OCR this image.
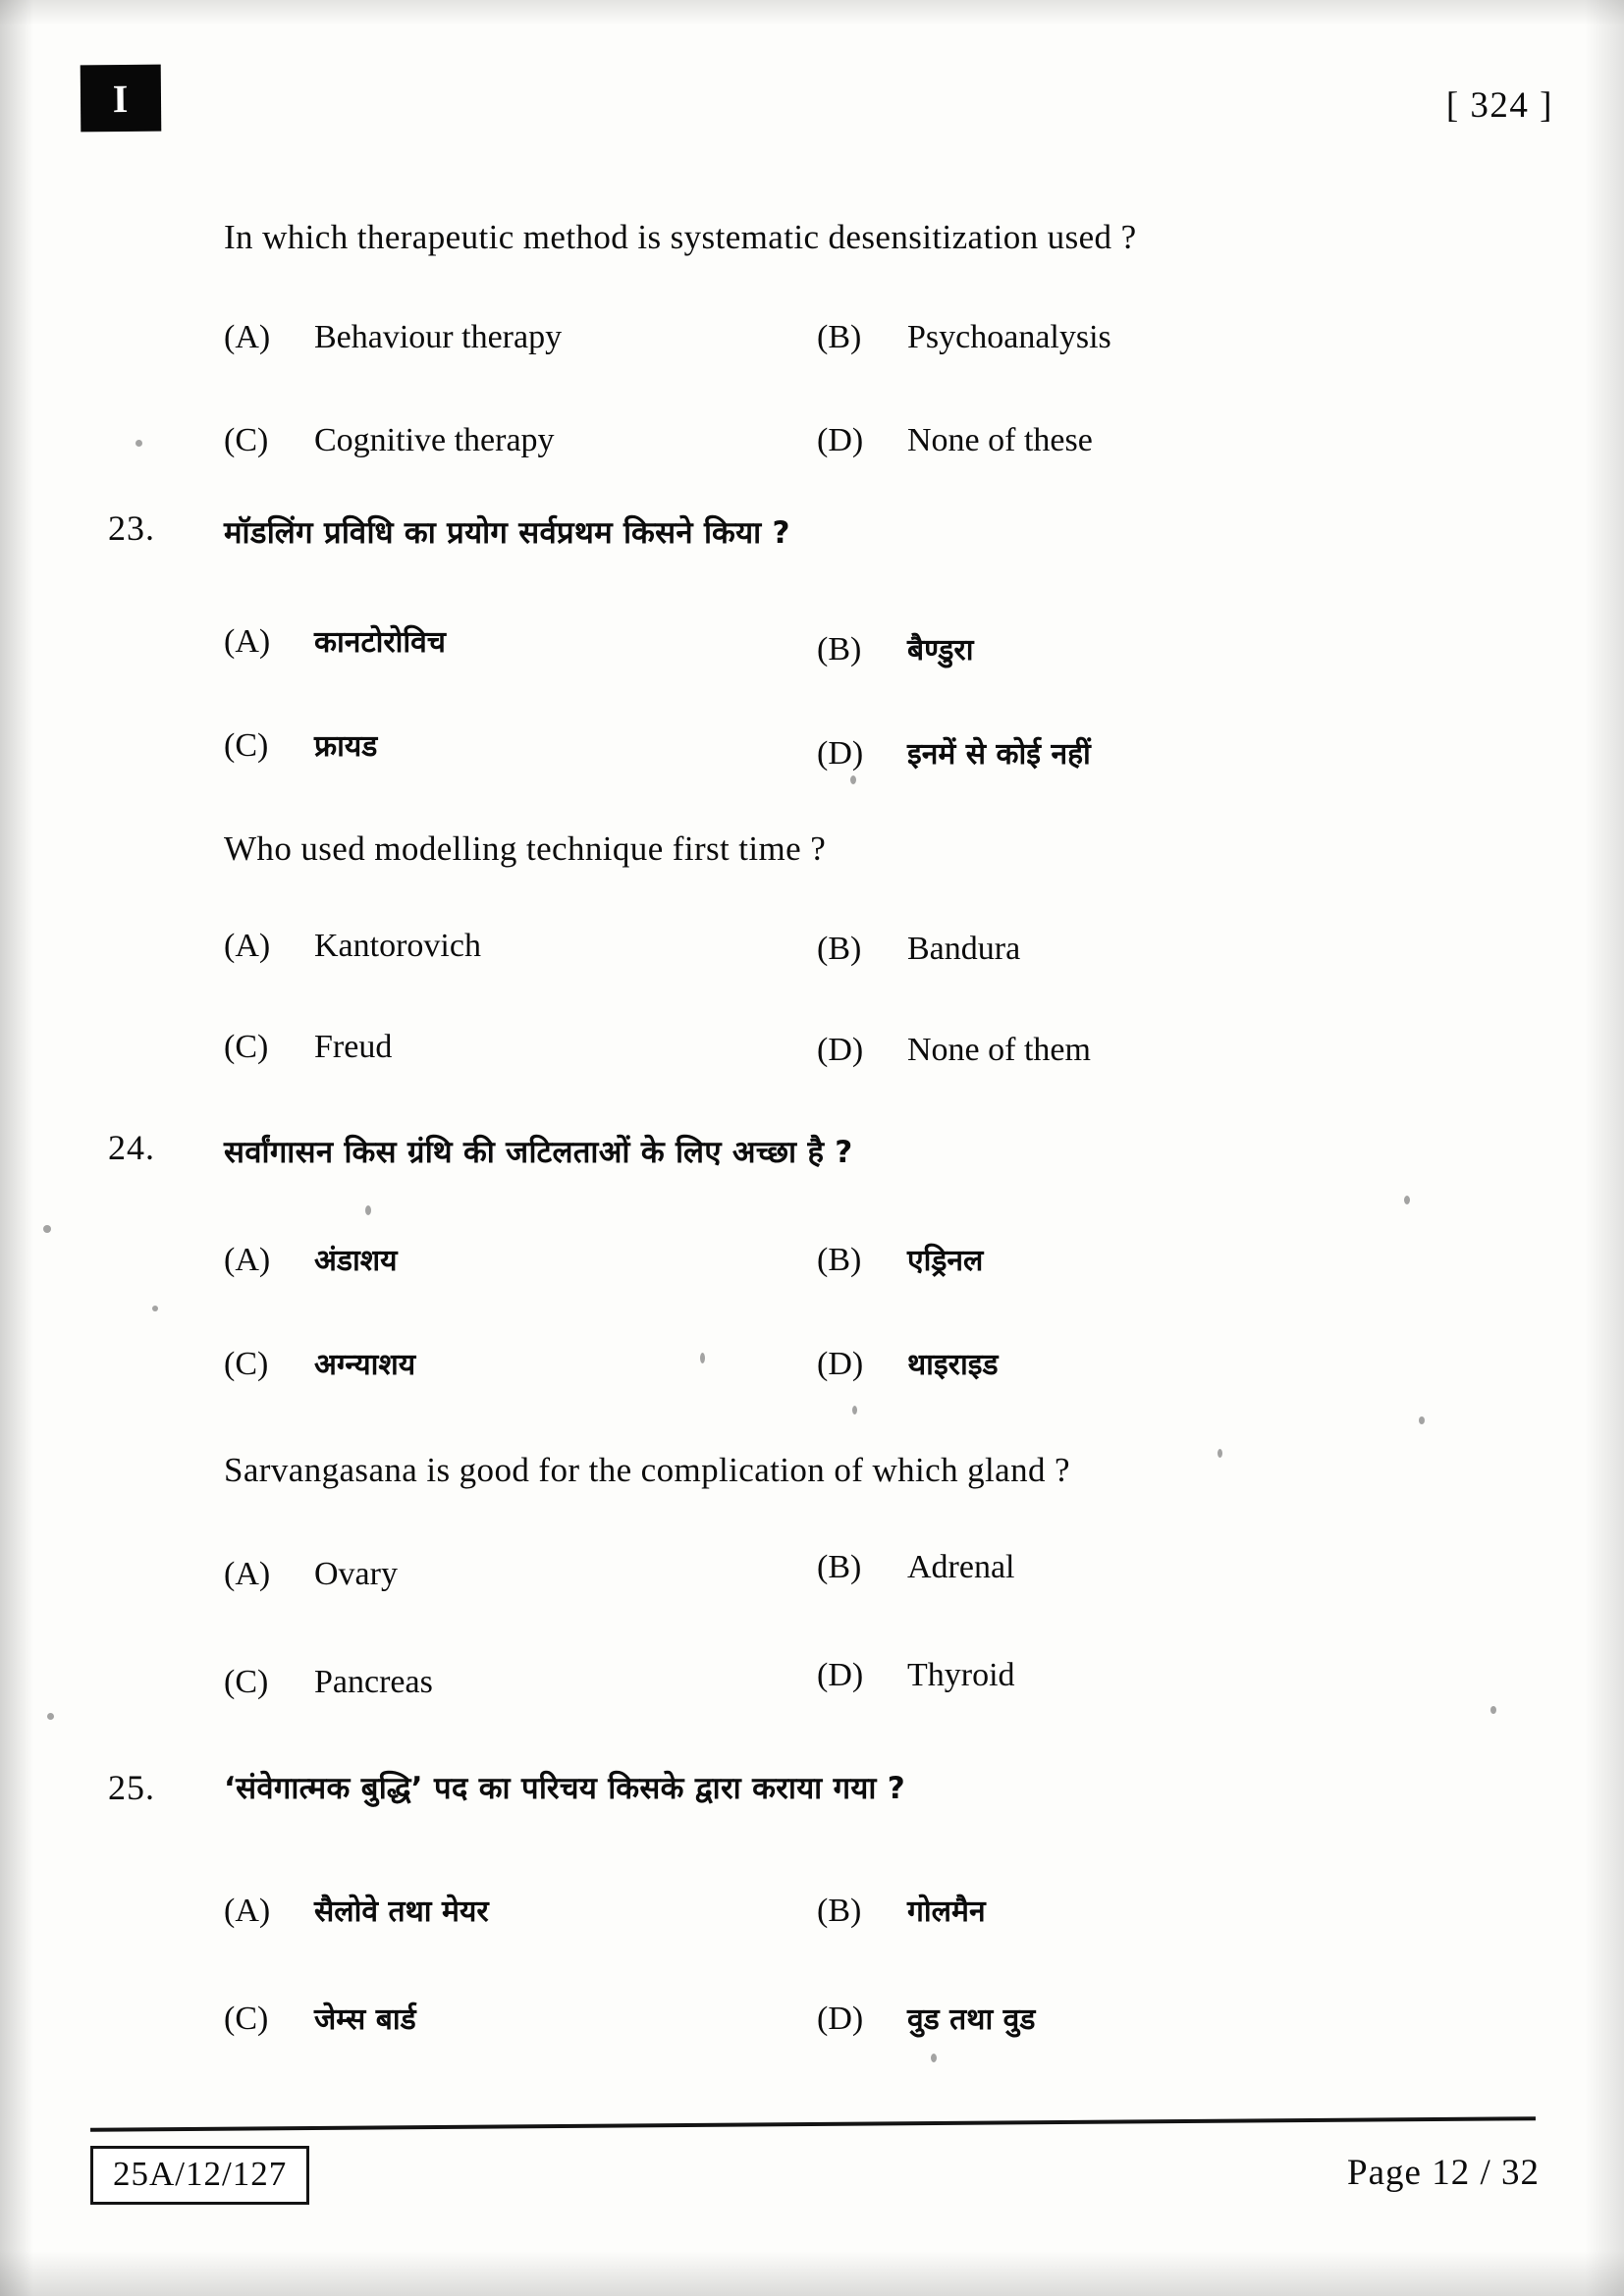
I	[ 324 ]
In which therapeutic method is systematic desensitization used ?
(A) Behaviour therapy	(B) Psychoanalysis
(C) Cognitive therapy	(D) None of these
23. मॉडलिंग प्रविधि का प्रयोग सर्वप्रथम किसने किया ?
(A) कानटोरोविच	(B) बैण्डुरा
(C) फ्रायड	(D) इनमें से कोई नहीं
Who used modelling technique first time ?
(A) Kantorovich	(B) Bandura
(C) Freud	(D) None of them
24. सर्वांगासन किस ग्रंथि की जटिलताओं के लिए अच्छा है ?
(A) अंडाशय	(B) एड्रिनल
(C) अग्न्याशय	(D) थाइराइड
Sarvangasana is good for the complication of which gland ?
(A) Ovary	(B) Adrenal
(C) Pancreas	(D) Thyroid
25. ‘संवेगात्मक बुद्धि’ पद का परिचय किसके द्वारा कराया गया ?
(A) सैलोवे तथा मेयर	(B) गोलमैन
(C) जेम्स बार्ड	(D) वुड तथा वुड
25A/12/127	Page 12 / 32
